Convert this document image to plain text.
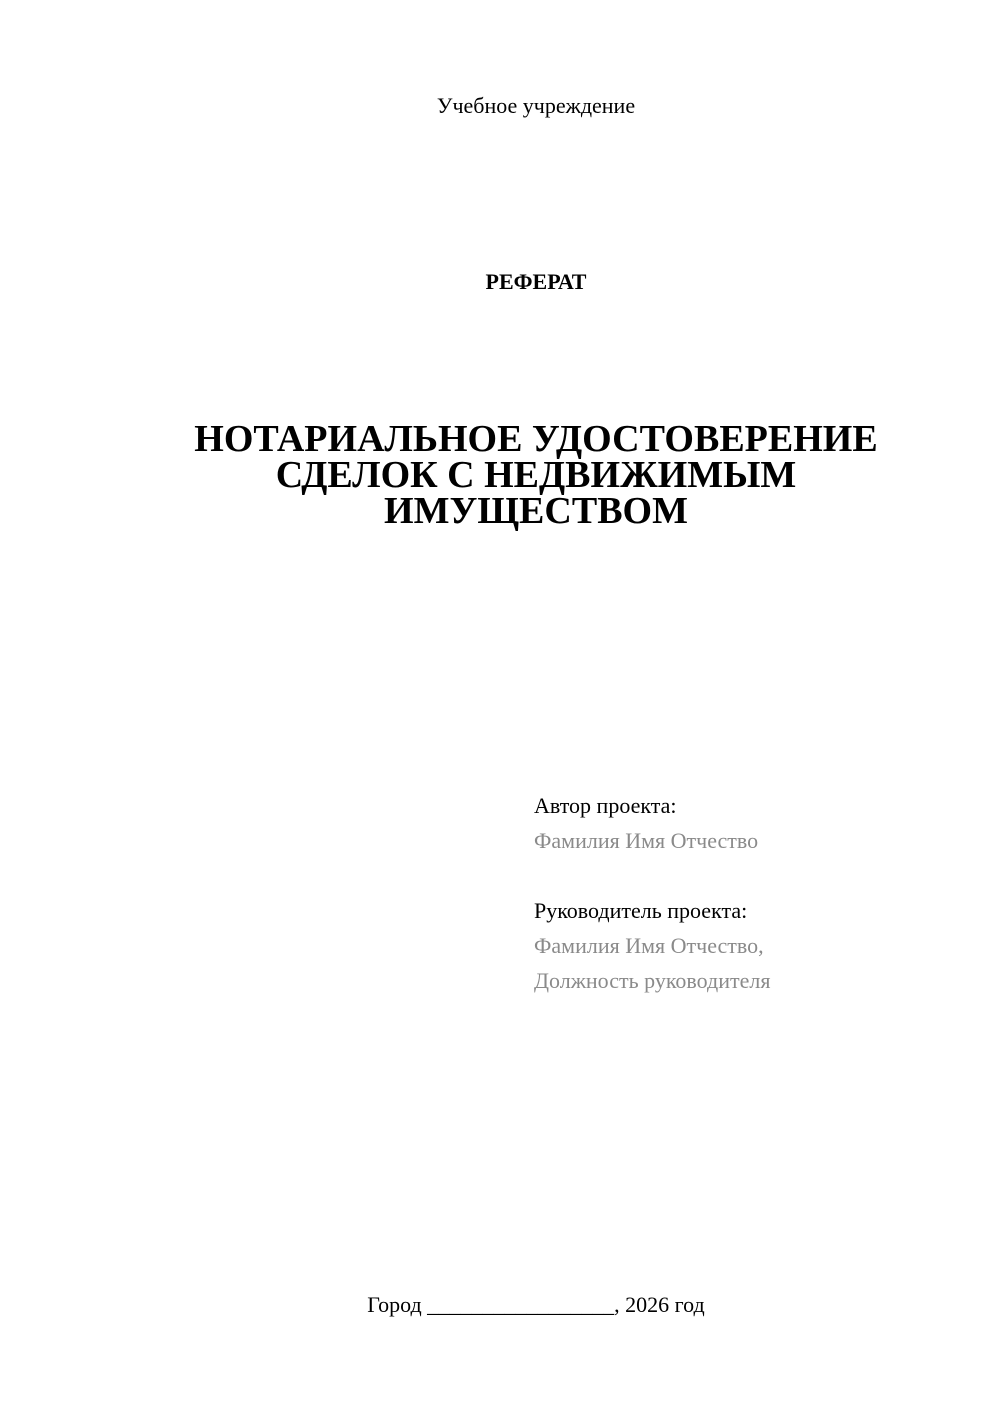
Учебное учреждение
РЕФЕРАТ
НОТАРИАЛЬНОЕ УДОСТОВЕРЕНИЕ
СДЕЛОК С НЕДВИЖИМЫМ
ИМУЩЕСТВОМ
Автор проекта:
Фамилия Имя Отчество
Руководитель проекта:
Фамилия Имя Отчество,
Должность руководителя
Город _________________, 2026 год
